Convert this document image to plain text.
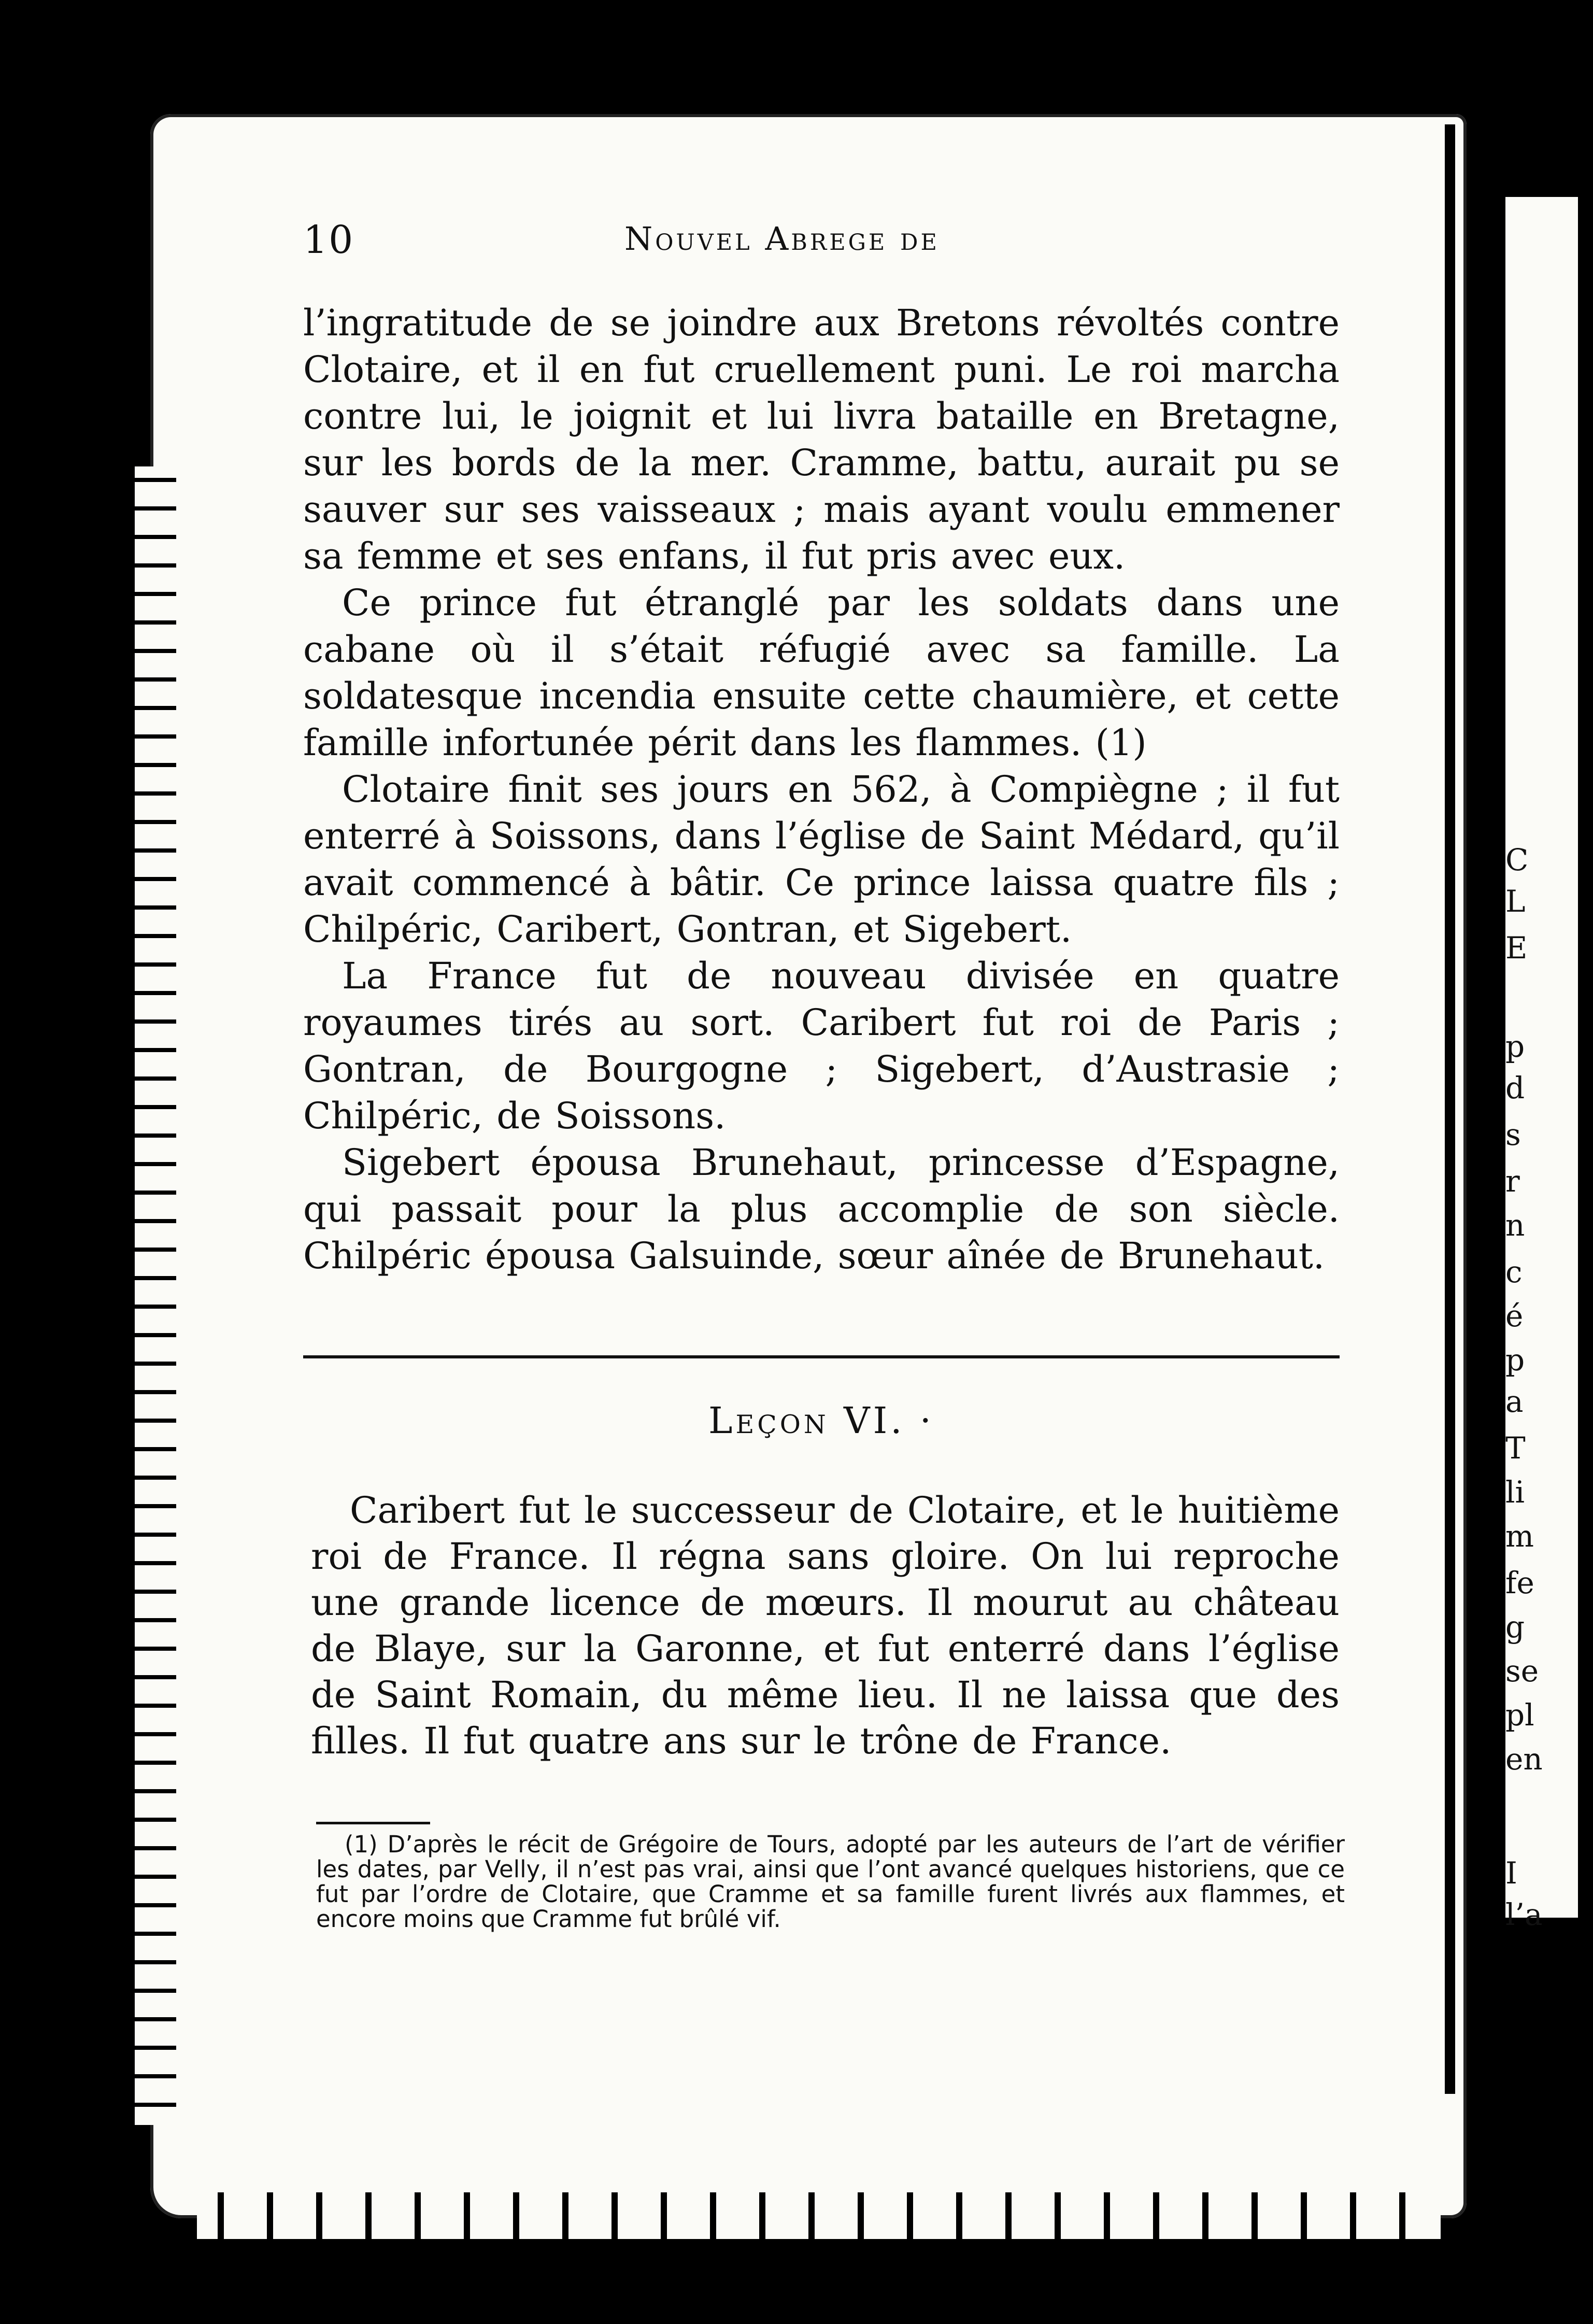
C
L
E
p
d
s
r
n
c
é
p
a
T
li
m
fe
g
se
pl
en
I
l’a
10	Nouvel Abrege de

l’ingratitude de se joindre aux Bretons révoltés contre Clotaire, et il en fut cruellement puni. Le roi marcha contre lui, le joignit et lui livra bataille en Bretagne, sur les bords de la mer. Cramme, battu, aurait pu se sauver sur ses vaisseaux ; mais ayant voulu emmener sa femme et ses enfans, il fut pris avec eux.

Ce prince fut étranglé par les soldats dans une cabane où il s’était réfugié avec sa famille. La soldatesque incendia ensuite cette chaumière, et cette famille infortunée périt dans les flammes. (1)

Clotaire finit ses jours en 562, à Compiègne ; il fut enterré à Soissons, dans l’église de Saint Médard, qu’il avait commencé à bâtir. Ce prince laissa quatre fils ; Chilpéric, Caribert, Gontran, et Sigebert.

La France fut de nouveau divisée en quatre royaumes tirés au sort. Caribert fut roi de Paris ; Gontran, de Bourgogne ; Sigebert, d’Austrasie ; Chilpéric, de Soissons.

Sigebert épousa Brunehaut, princesse d’Espagne, qui passait pour la plus accomplie de son siècle. Chilpéric épousa Galsuinde, sœur aînée de Brunehaut.

Leçon VI. ·

Caribert fut le successeur de Clotaire, et le huitième roi de France. Il régna sans gloire. On lui reproche une grande licence de mœurs. Il mourut au château de Blaye, sur la Garonne, et fut enterré dans l’église de Saint Romain, du même lieu. Il ne laissa que des filles. Il fut quatre ans sur le trône de France.

(1) D’après le récit de Grégoire de Tours, adopté par les auteurs de l’art de vérifier les dates, par Velly, il n’est pas vrai, ainsi que l’ont avancé quelques historiens, que ce fut par l’ordre de Clotaire, que Cramme et sa famille furent livrés aux flammes, et encore moins que Cramme fut brûlé vif.
